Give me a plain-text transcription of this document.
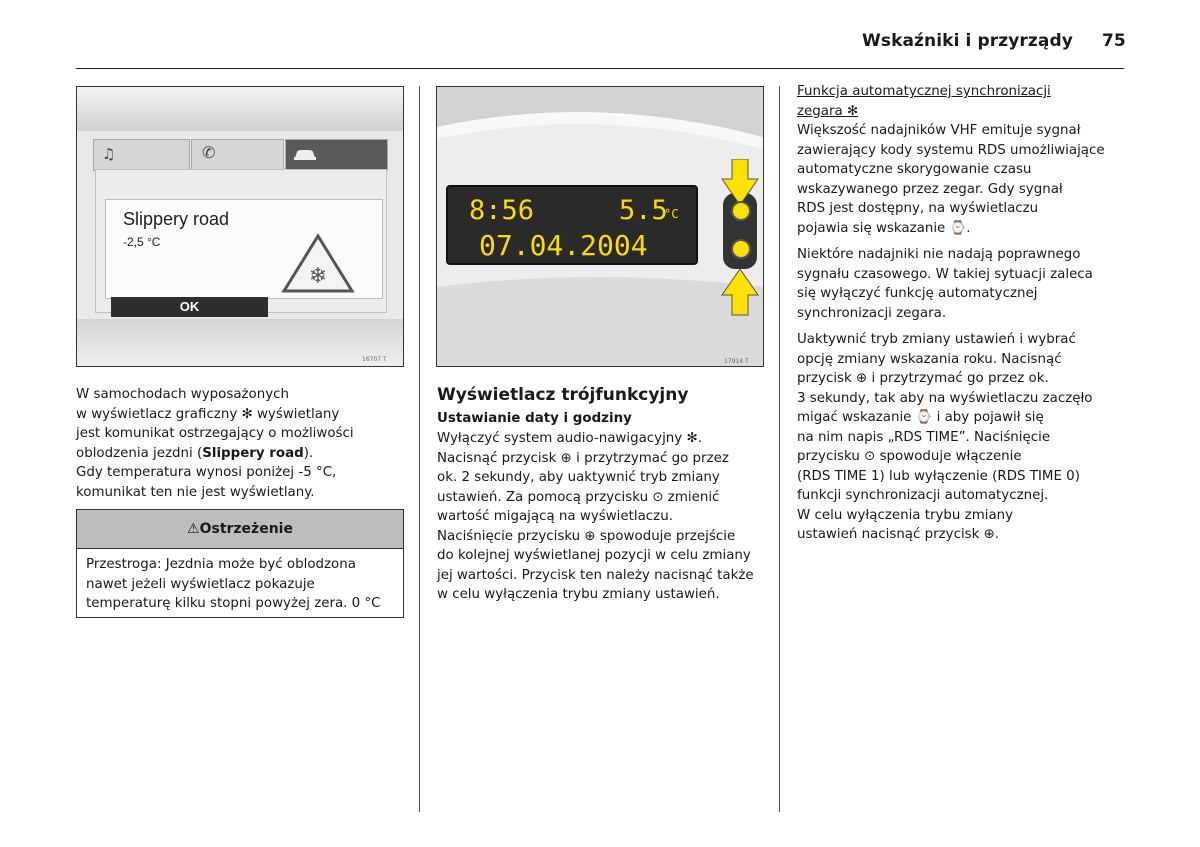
Wskaźniki i przyrządy 75
♫	✆
Slippery road
-2,5 °C
❄
OK
16707 T
W samochodach wyposażonych
w wyświetlacz graficzny ✻ wyświetlany
jest komunikat ostrzegający o możliwości
oblodzenia jezdni (Slippery road).
Gdy temperatura wynosi poniżej -5 °C,
komunikat ten nie jest wyświetlany.
⚠Ostrzeżenie
Przestroga: Jezdnia może być oblodzona
nawet jeżeli wyświetlacz pokazuje
temperaturę kilku stopni powyżej zera. 0 °C
8:56	5.5
°C
07.04.2004
17914 T
Wyświetlacz trójfunkcyjny
Ustawianie daty i godziny
Wyłączyć system audio-nawigacyjny ✻.
Nacisnąć przycisk ⊕ i przytrzymać go przez
ok. 2 sekundy, aby uaktywnić tryb zmiany
ustawień. Za pomocą przycisku ⊙ zmienić
wartość migającą na wyświetlaczu.
Naciśnięcie przycisku ⊕ spowoduje przejście
do kolejnej wyświetlanej pozycji w celu zmiany
jej wartości. Przycisk ten należy nacisnąć także
w celu wyłączenia trybu zmiany ustawień.
Funkcja automatycznej synchronizacji
zegara ✻
Większość nadajników VHF emituje sygnał
zawierający kody systemu RDS umożliwiające
automatyczne skorygowanie czasu
wskazywanego przez zegar. Gdy sygnał
RDS jest dostępny, na wyświetlaczu
pojawia się wskazanie ⌚.
Niektóre nadajniki nie nadają poprawnego
sygnału czasowego. W takiej sytuacji zaleca
się wyłączyć funkcję automatycznej
synchronizacji zegara.
Uaktywnić tryb zmiany ustawień i wybrać
opcję zmiany wskazania roku. Nacisnąć
przycisk ⊕ i przytrzymać go przez ok.
3 sekundy, tak aby na wyświetlaczu zaczęło
migać wskazanie ⌚ i aby pojawił się
na nim napis „RDS TIME”. Naciśnięcie
przycisku ⊙ spowoduje włączenie
(RDS TIME 1) lub wyłączenie (RDS TIME 0)
funkcji synchronizacji automatycznej.
W celu wyłączenia trybu zmiany
ustawień nacisnąć przycisk ⊕.
